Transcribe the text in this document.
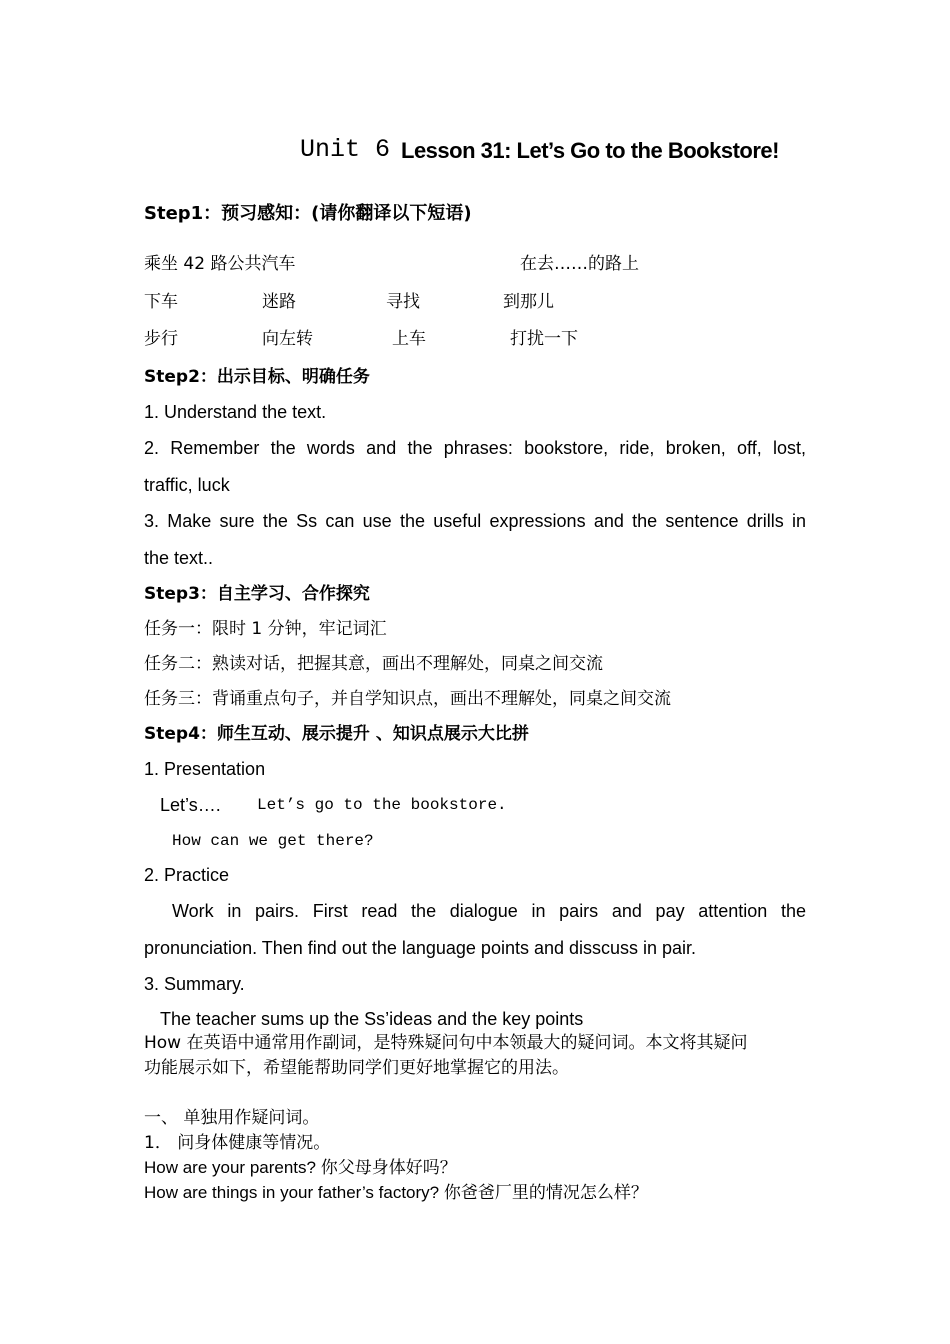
Unit 6 Lesson 31: Let’s Go to the Bookstore!
Step1：预习感知：(请你翻译以下短语)
乘坐 42 路公共汽车	在去……的路上
下车	迷路	寻找	到那儿
步行	向左转	上车	打扰一下
Step2：出示目标、明确任务
1. Understand the text.
2. Remember the words and the phrases: bookstore, ride, broken, off, lost,
traffic, luck
3. Make sure the Ss can use the useful expressions and the sentence drills in
the text..
Step3：自主学习、合作探究
任务一：限时 1 分钟，牢记词汇
任务二：熟读对话，把握其意，画出不理解处，同桌之间交流
任务三：背诵重点句子，并自学知识点，画出不理解处，同桌之间交流
Step4：师生互动、展示提升 、知识点展示大比拼
1. Presentation
Let’s…. Let’s go to the bookstore.
How can we get there?
2. Practice
Work in pairs. First read the dialogue in pairs and pay attention the
pronunciation. Then find out the language points and disscuss in pair.
3. Summary.
The teacher sums up the Ss’ideas and the key points
How 在英语中通常用作副词，是特殊疑问句中本领最大的疑问词。本文将其疑问
功能展示如下，希望能帮助同学们更好地掌握它的用法。
一、 单独用作疑问词。
1． 问身体健康等情况。
How are your parents? 你父母身体好吗？
How are things in your father’s factory? 你爸爸厂里的情况怎么样？
